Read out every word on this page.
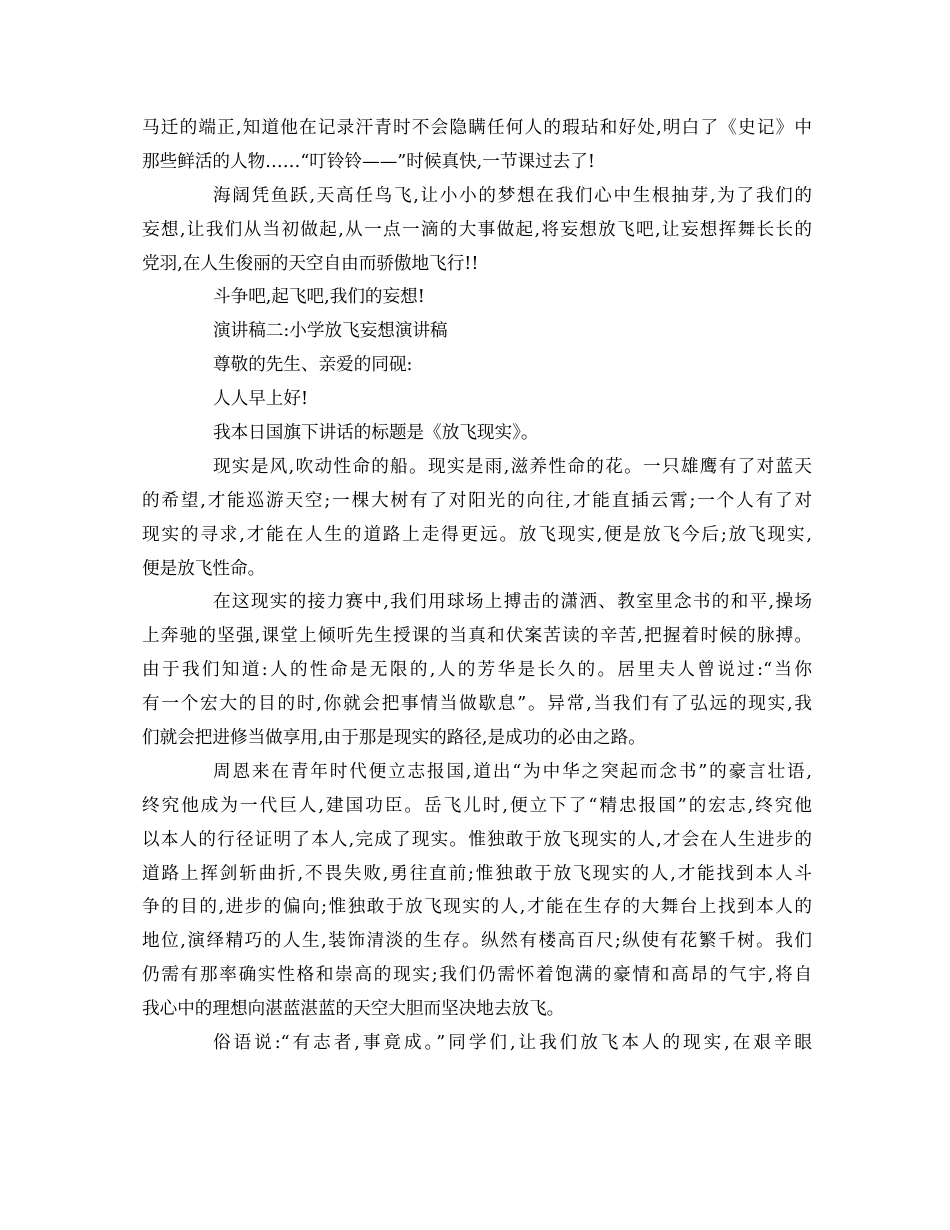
马迁的端正,知道他在记录汗青时不会隐瞒任何人的瑕玷和好处,明白了《史记》中
那些鲜活的人物……“叮铃铃——”时候真快,一节课过去了!
海阔凭鱼跃,天高任鸟飞,让小小的梦想在我们心中生根抽芽,为了我们的
妄想,让我们从当初做起,从一点一滴的大事做起,将妄想放飞吧,让妄想挥舞长长的
党羽,在人生俊丽的天空自由而骄傲地飞行!!
斗争吧,起飞吧,我们的妄想!
演讲稿二:小学放飞妄想演讲稿
尊敬的先生、亲爱的同砚:
人人早上好!
我本日国旗下讲话的标题是《放飞现实》。
现实是风,吹动性命的船。现实是雨,滋养性命的花。一只雄鹰有了对蓝天
的希望,才能巡游天空;一棵大树有了对阳光的向往,才能直插云霄;一个人有了对
现实的寻求,才能在人生的道路上走得更远。放飞现实,便是放飞今后;放飞现实,
便是放飞性命。
在这现实的接力赛中,我们用球场上搏击的潇洒、教室里念书的和平,操场
上奔驰的坚强,课堂上倾听先生授课的当真和伏案苦读的辛苦,把握着时候的脉搏。
由于我们知道:人的性命是无限的,人的芳华是长久的。居里夫人曾说过:“当你
有一个宏大的目的时,你就会把事情当做歇息”。异常,当我们有了弘远的现实,我
们就会把进修当做享用,由于那是现实的路径,是成功的必由之路。
周恩来在青年时代便立志报国,道出“为中华之突起而念书”的豪言壮语,
终究他成为一代巨人,建国功臣。岳飞儿时,便立下了“精忠报国”的宏志,终究他
以本人的行径证明了本人,完成了现实。惟独敢于放飞现实的人,才会在人生进步的
道路上挥剑斩曲折,不畏失败,勇往直前;惟独敢于放飞现实的人,才能找到本人斗
争的目的,进步的偏向;惟独敢于放飞现实的人,才能在生存的大舞台上找到本人的
地位,演绎精巧的人生,装饰清淡的生存。纵然有楼高百尺;纵使有花繁千树。我们
仍需有那率确实性格和崇高的现实;我们仍需怀着饱满的豪情和高昂的气宇,将自
我心中的理想向湛蓝湛蓝的天空大胆而坚决地去放飞。
俗语说:“有志者,事竟成。”同学们,让我们放飞本人的现实,在艰辛眼
